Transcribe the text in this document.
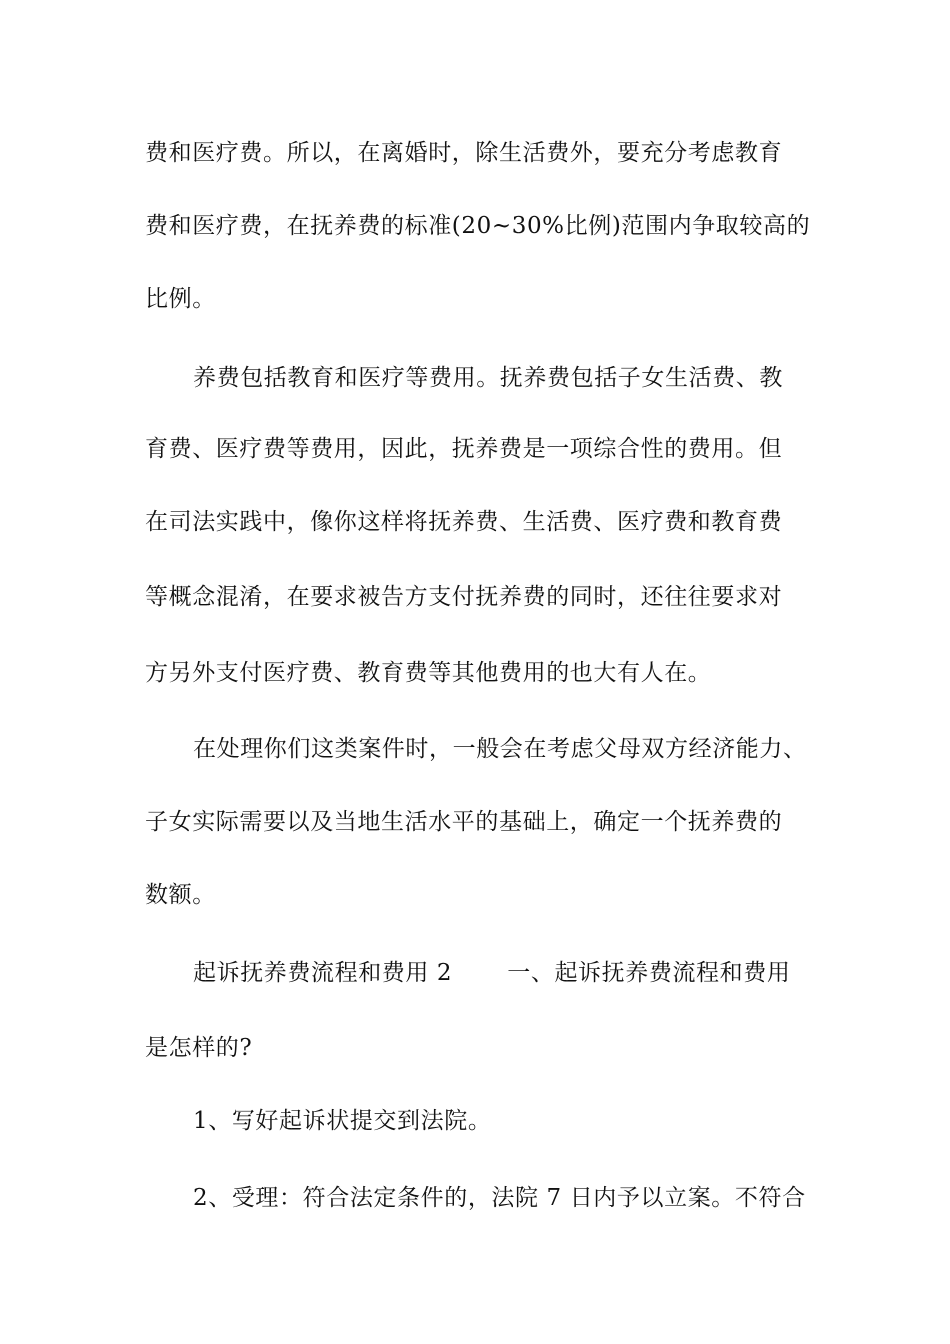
费和医疗费。所以，在离婚时，除生活费外，要充分考虑教育
费和医疗费，在抚养费的标准(20~30%比例)范围内争取较高的
比例。
养费包括教育和医疗等费用。抚养费包括子女生活费、教
育费、医疗费等费用，因此，抚养费是一项综合性的费用。但
在司法实践中，像你这样将抚养费、生活费、医疗费和教育费
等概念混淆，在要求被告方支付抚养费的同时，还往往要求对
方另外支付医疗费、教育费等其他费用的也大有人在。
在处理你们这类案件时，一般会在考虑父母双方经济能力、
子女实际需要以及当地生活水平的基础上，确定一个抚养费的
数额。
起诉抚养费流程和费用 2　　 一、起诉抚养费流程和费用
是怎样的?
1、写好起诉状提交到法院。
2、受理：符合法定条件的，法院 7 日内予以立案。不符合
